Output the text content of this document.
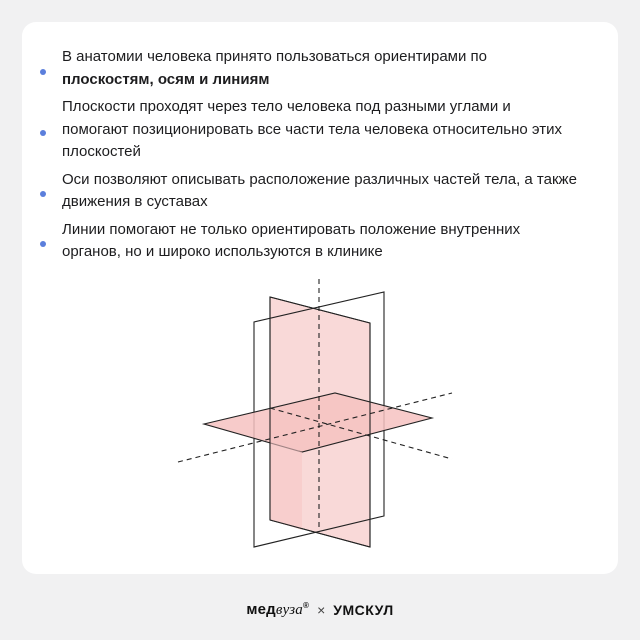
В анатомии человека принято пользоваться ориентирами по
плоскостям, осям и линиям
Плоскости проходят через тело человека под разными углами и помогают позиционировать все части тела человека относительно этих плоскостей
Оси позволяют описывать расположение различных частей тела, а также движения в суставах
Линии помогают не только ориентировать положение внутренних органов, но и широко используются в клинике
медвуза® × УМСКУЛ
